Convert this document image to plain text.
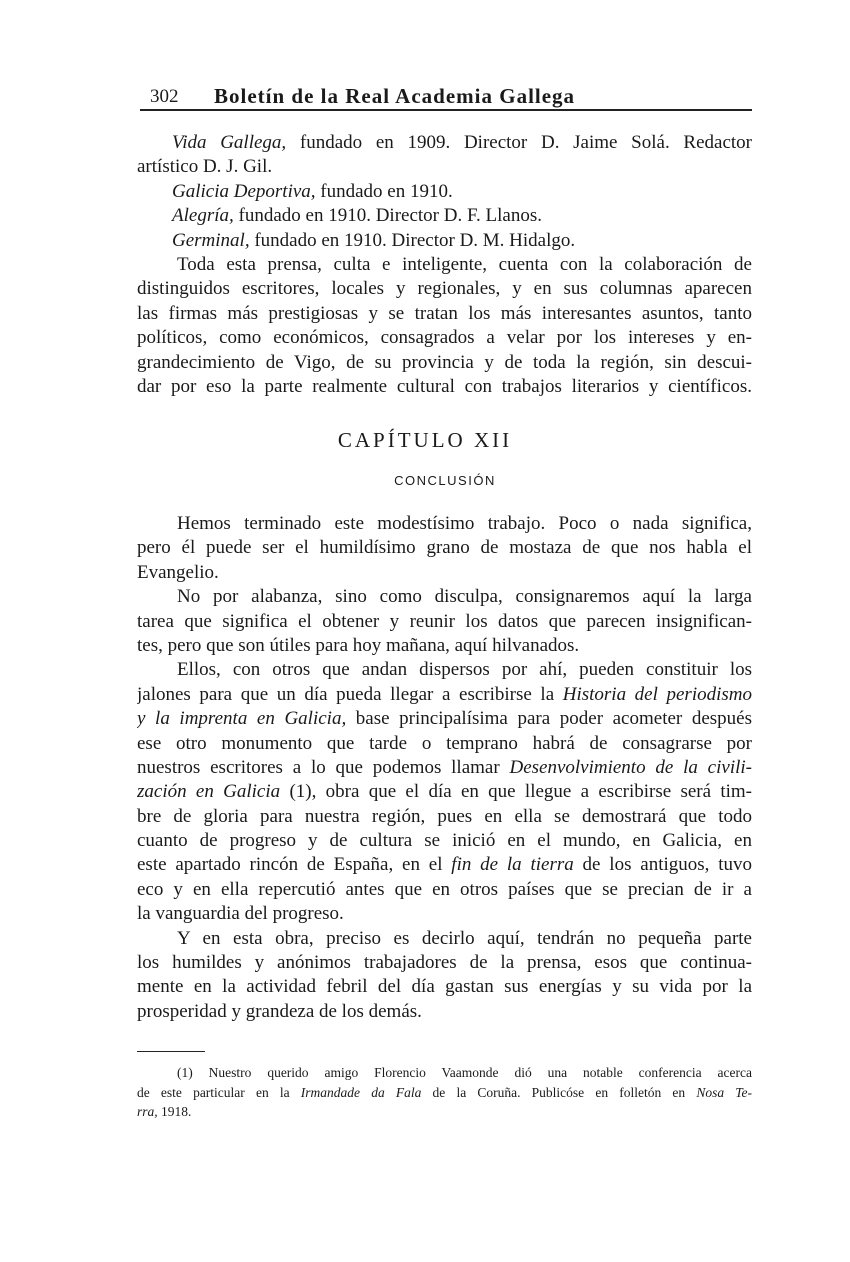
302 Boletín de la Real Academia Gallega
Vida Gallega, fundado en 1909. Director D. Jaime Solá. Redactor
artístico D. J. Gil.
Galicia Deportiva, fundado en 1910.
Alegría, fundado en 1910. Director D. F. Llanos.
Germinal, fundado en 1910. Director D. M. Hidalgo.
Toda esta prensa, culta e inteligente, cuenta con la colaboración de
distinguidos escritores, locales y regionales, y en sus columnas aparecen
las firmas más prestigiosas y se tratan los más interesantes asuntos, tanto
políticos, como económicos, consagrados a velar por los intereses y en-
grandecimiento de Vigo, de su provincia y de toda la región, sin descui-
dar por eso la parte realmente cultural con trabajos literarios y científicos.
CAPÍTULO XII
CONCLUSIÓN
Hemos terminado este modestísimo trabajo. Poco o nada significa,
pero él puede ser el humildísimo grano de mostaza de que nos habla el
Evangelio.
No por alabanza, sino como disculpa, consignaremos aquí la larga
tarea que significa el obtener y reunir los datos que parecen insignifican-
tes, pero que son útiles para hoy mañana, aquí hilvanados.
Ellos, con otros que andan dispersos por ahí, pueden constituir los
jalones para que un día pueda llegar a escribirse la Historia del periodismo
y la imprenta en Galicia, base principalísima para poder acometer después
ese otro monumento que tarde o temprano habrá de consagrarse por
nuestros escritores a lo que podemos llamar Desenvolvimiento de la civili-
zación en Galicia (1), obra que el día en que llegue a escribirse será tim-
bre de gloria para nuestra región, pues en ella se demostrará que todo
cuanto de progreso y de cultura se inició en el mundo, en Galicia, en
este apartado rincón de España, en el fin de la tierra de los antiguos, tuvo
eco y en ella repercutió antes que en otros países que se precian de ir a
la vanguardia del progreso.
Y en esta obra, preciso es decirlo aquí, tendrán no pequeña parte
los humildes y anónimos trabajadores de la prensa, esos que continua-
mente en la actividad febril del día gastan sus energías y su vida por la
prosperidad y grandeza de los demás.
(1) Nuestro querido amigo Florencio Vaamonde dió una notable conferencia acerca
de este particular en la Irmandade da Fala de la Coruña. Publicóse en folletón en Nosa Te-
rra, 1918.
